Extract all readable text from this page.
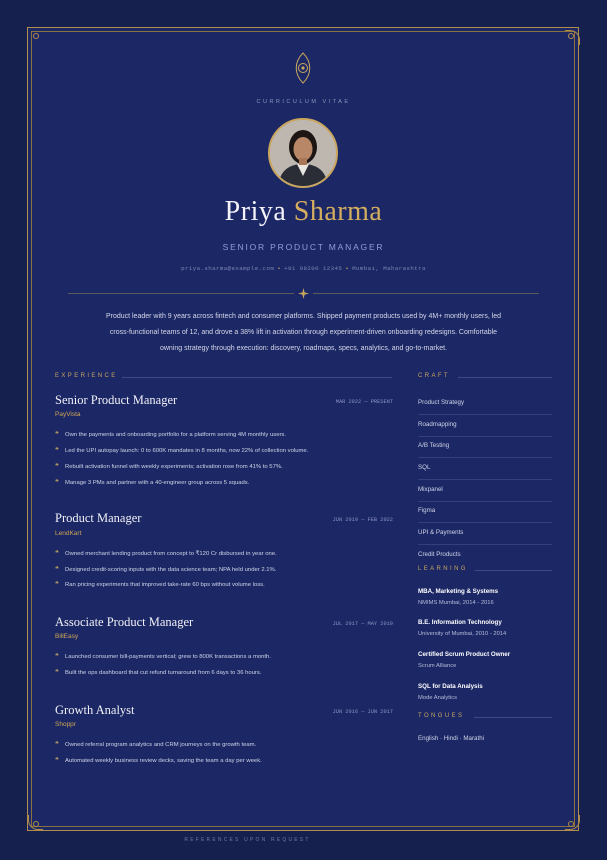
CURRICULUM VITAE
Priya Sharma
SENIOR PRODUCT MANAGER
priya.sharma@example.com • +91 98200 12345 • Mumbai, Maharashtra
Product leader with 9 years across fintech and consumer platforms. Shipped payment products used by 4M+ monthly users, led cross-functional teams of 12, and drove a 38% lift in activation through experiment-driven onboarding redesigns. Comfortable owning strategy through execution: discovery, roadmaps, specs, analytics, and go-to-market.
EXPERIENCE
Senior Product Manager	MAR 2022 — PRESENT
PayVista
❝ Own the payments and onboarding portfolio for a platform serving 4M monthly users.
❝ Led the UPI autopay launch: 0 to 600K mandates in 8 months, now 22% of collection volume.
❝ Rebuilt activation funnel with weekly experiments; activation rose from 41% to 57%.
❝ Manage 3 PMs and partner with a 40-engineer group across 5 squads.
Product Manager	JUN 2019 — FEB 2022
LendKart
❝ Owned merchant lending product from concept to ₹120 Cr disbursed in year one.
❝ Designed credit-scoring inputs with the data science team; NPA held under 2.1%.
❝ Ran pricing experiments that improved take-rate 60 bps without volume loss.
Associate Product Manager	JUL 2017 — MAY 2019
BillEasy
❝ Launched consumer bill-payments vertical; grew to 800K transactions a month.
❝ Built the ops dashboard that cut refund turnaround from 6 days to 36 hours.
Growth Analyst	JUN 2016 — JUN 2017
Shoppr
❝ Owned referral program analytics and CRM journeys on the growth team.
❝ Automated weekly business review decks, saving the team a day per week.
CRAFT
Product Strategy
Roadmapping
A/B Testing
SQL
Mixpanel
Figma
UPI & Payments
Credit Products
LEARNING
MBA, Marketing & Systems
NMIMS Mumbai, 2014 - 2016
B.E. Information Technology
University of Mumbai, 2010 - 2014
Certified Scrum Product Owner
Scrum Alliance
SQL for Data Analysis
Mode Analytics
TONGUES
English · Hindi · Marathi
REFERENCES UPON REQUEST
